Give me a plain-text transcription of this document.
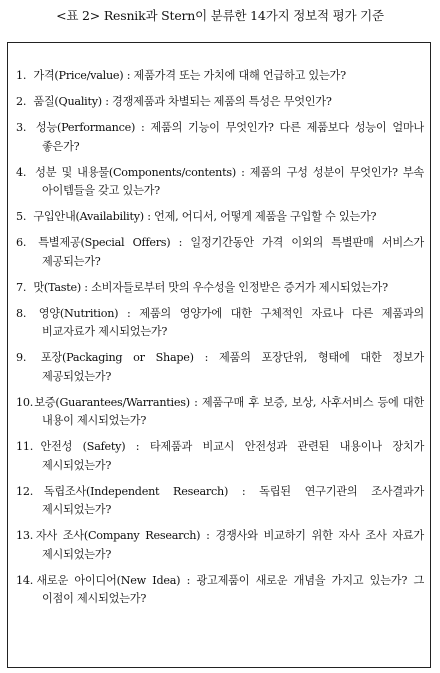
<표 2> Resnik과 Stern이 분류한 14가지 정보적 평가 기준
1. 가격(Price/value) : 제품가격 또는 가치에 대해 언급하고 있는가?
2. 품질(Quality) : 경쟁제품과 차별되는 제품의 특성은 무엇인가?
3. 성능(Performance) : 제품의 기능이 무엇인가? 다른 제품보다 성능이 얼마나 좋은가?
4. 성분 및 내용물(Components/contents) : 제품의 구성 성분이 무엇인가? 부속 아이템들을 갖고 있는가?
5. 구입안내(Availability) : 언제, 어디서, 어떻게 제품을 구입할 수 있는가?
6. 특별제공(Special Offers) : 일정기간동안 가격 이외의 특별판매 서비스가 제공되는가?
7. 맛(Taste) : 소비자들로부터 맛의 우수성을 인정받은 증거가 제시되었는가?
8. 영양(Nutrition) : 제품의 영양가에 대한 구체적인 자료나 다른 제품과의 비교자료가 제시되었는가?
9. 포장(Packaging or Shape) : 제품의 포장단위, 형태에 대한 정보가 제공되었는가?
10. 보증(Guarantees/Warranties) : 제품구매 후 보증, 보상, 사후서비스 등에 대한 내용이 제시되었는가?
11. 안전성 (Safety) : 타제품과 비교시 안전성과 관련된 내용이나 장치가 제시되었는가?
12. 독립조사(Independent Research) : 독립된 연구기관의 조사결과가 제시되었는가?
13. 자사 조사(Company Research) : 경쟁사와 비교하기 위한 자사 조사 자료가 제시되었는가?
14. 새로운 아이디어(New Idea) : 광고제품이 새로운 개념을 가지고 있는가? 그 이점이 제시되었는가?
